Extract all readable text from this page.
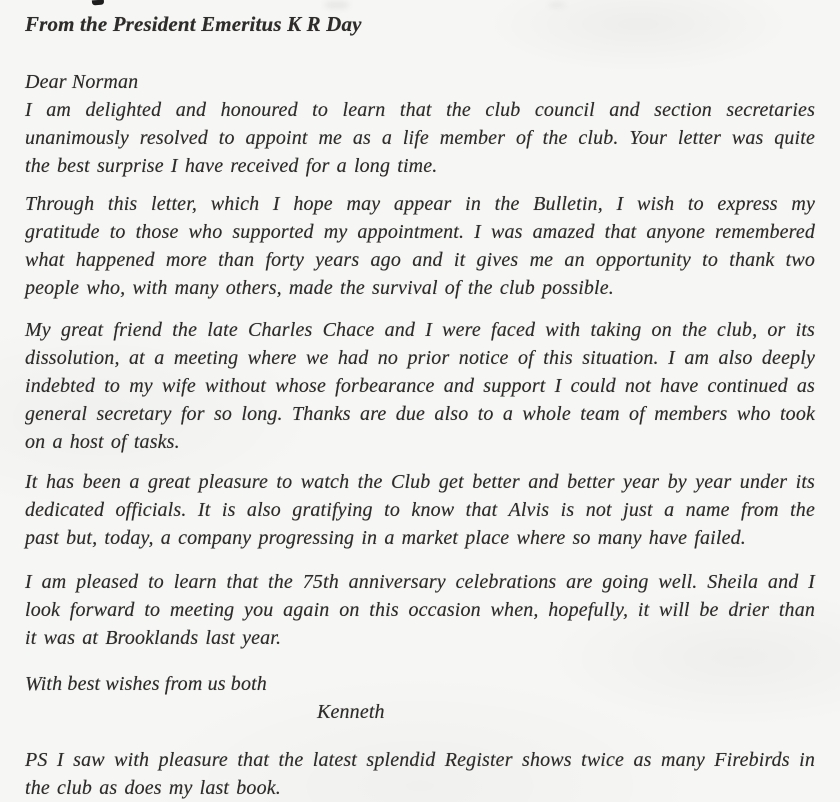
From the President Emeritus K R Day
Dear Norman
I am delighted and honoured to learn that the club council and section secretaries
unanimously resolved to appoint me as a life member of the club. Your letter was quite
the best surprise I have received for a long time.
Through this letter, which I hope may appear in the Bulletin, I wish to express my
gratitude to those who supported my appointment. I was amazed that anyone remembered
what happened more than forty years ago and it gives me an opportunity to thank two
people who, with many others, made the survival of the club possible.
My great friend the late Charles Chace and I were faced with taking on the club, or its
dissolution, at a meeting where we had no prior notice of this situation. I am also deeply
indebted to my wife without whose forbearance and support I could not have continued as
general secretary for so long. Thanks are due also to a whole team of members who took
on a host of tasks.
It has been a great pleasure to watch the Club get better and better year by year under its
dedicated officials. It is also gratifying to know that Alvis is not just a name from the
past but, today, a company progressing in a market place where so many have failed.
I am pleased to learn that the 75th anniversary celebrations are going well. Sheila and I
look forward to meeting you again on this occasion when, hopefully, it will be drier than
it was at Brooklands last year.
With best wishes from us both
Kenneth
PS I saw with pleasure that the latest splendid Register shows twice as many Firebirds in
the club as does my last book.
